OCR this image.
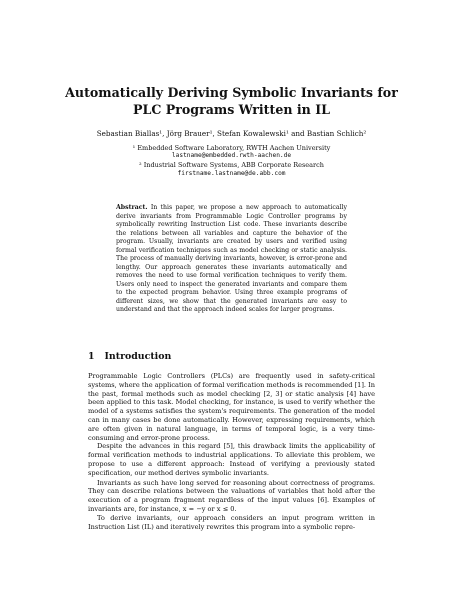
Automatically Deriving Symbolic Invariants for
PLC Programs Written in IL
Sebastian Biallas¹, Jörg Brauer¹, Stefan Kowalewski¹ and Bastian Schlich²
¹ Embedded Software Laboratory, RWTH Aachen University
lastname@embedded.rwth-aachen.de
² Industrial Software Systems, ABB Corporate Research
firstname.lastname@de.abb.com
Abstract. In this paper, we propose a new approach to automatically derive invariants from Programmable Logic Controller programs by symbolically rewriting Instruction List code. These invariants describe the relations between all variables and capture the behavior of the program. Usually, invariants are created by users and verified using formal verification techniques such as model checking or static analysis. The process of manually deriving invariants, however, is error-prone and lengthy. Our approach generates these invariants automatically and removes the need to use formal verification techniques to verify them. Users only need to inspect the generated invariants and compare them to the expected program behavior. Using three example programs of different sizes, we show that the generated invariants are easy to understand and that the approach indeed scales for larger programs.
1 Introduction

Programmable Logic Controllers (PLCs) are frequently used in safety-critical systems, where the application of formal verification methods is recommended [1]. In the past, formal methods such as model checking [2, 3] or static analysis [4] have been applied to this task. Model checking, for instance, is used to verify whether the model of a systems satisfies the system's requirements. The generation of the model can in many cases be done automatically. However, expressing requirements, which are often given in natural language, in terms of temporal logic, is a very time-consuming and error-prone process.

Despite the advances in this regard [5], this drawback limits the applicability of formal verification methods to industrial applications. To alleviate this problem, we propose to use a different approach: Instead of verifying a previously stated specification, our method derives symbolic invariants.

Invariants as such have long served for reasoning about correctness of programs. They can describe relations between the valuations of variables that hold after the execution of a program fragment regardless of the input values [6]. Examples of invariants are, for instance, x = −y or x ≤ 0.

To derive invariants, our approach considers an input program written in Instruction List (IL) and iteratively rewrites this program into a symbolic repre-
